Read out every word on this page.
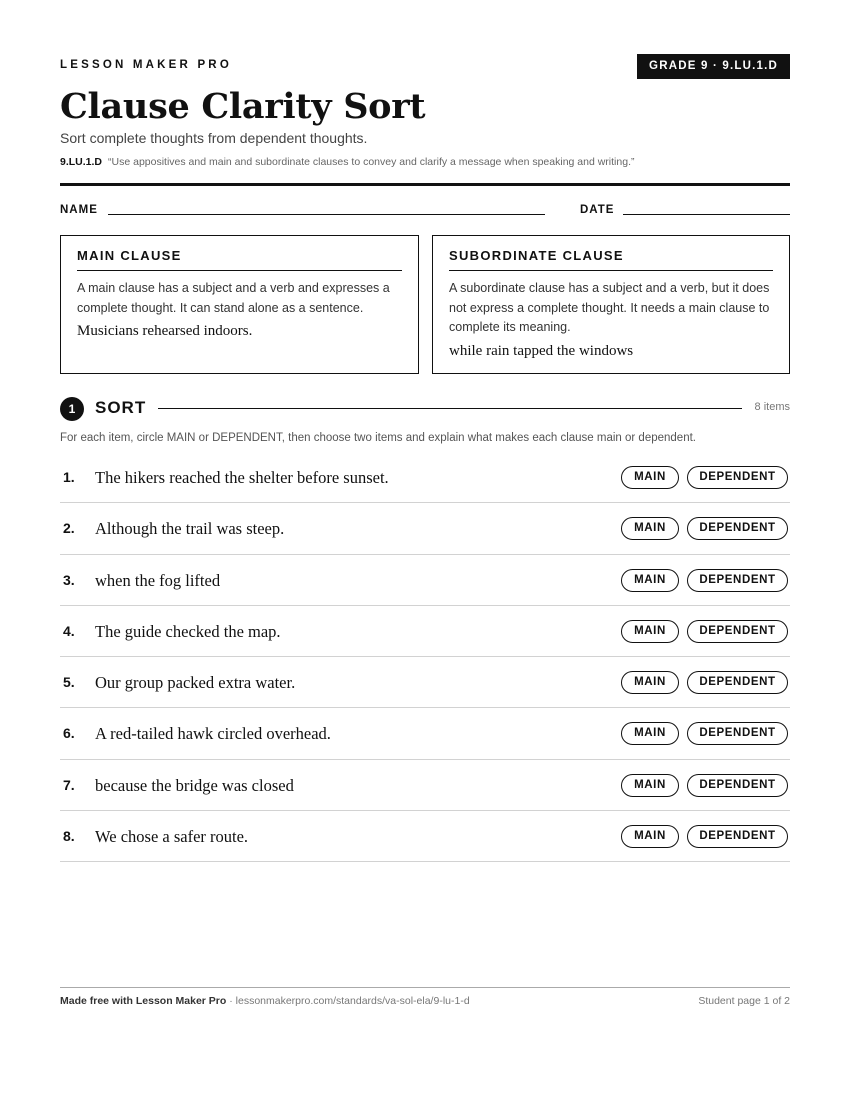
LESSON MAKER PRO	GRADE 9 · 9.LU.1.D
Clause Clarity Sort
Sort complete thoughts from dependent thoughts.
9.LU.1.D “Use appositives and main and subordinate clauses to convey and clarify a message when speaking and writing.”
NAME	DATE
MAIN CLAUSE
A main clause has a subject and a verb and expresses a complete thought. It can stand alone as a sentence.
Musicians rehearsed indoors.
SUBORDINATE CLAUSE
A subordinate clause has a subject and a verb, but it does not express a complete thought. It needs a main clause to complete its meaning.
while rain tapped the windows
1	SORT	8 items
For each item, circle MAIN or DEPENDENT, then choose two items and explain what makes each clause main or dependent.
1. The hikers reached the shelter before sunset.	MAIN	DEPENDENT
2. Although the trail was steep.	MAIN	DEPENDENT
3. when the fog lifted	MAIN	DEPENDENT
4. The guide checked the map.	MAIN	DEPENDENT
5. Our group packed extra water.	MAIN	DEPENDENT
6. A red-tailed hawk circled overhead.	MAIN	DEPENDENT
7. because the bridge was closed	MAIN	DEPENDENT
8. We chose a safer route.	MAIN	DEPENDENT
Made free with Lesson Maker Pro · lessonmakerpro.com/standards/va-sol-ela/9-lu-1-d	Student page 1 of 2
